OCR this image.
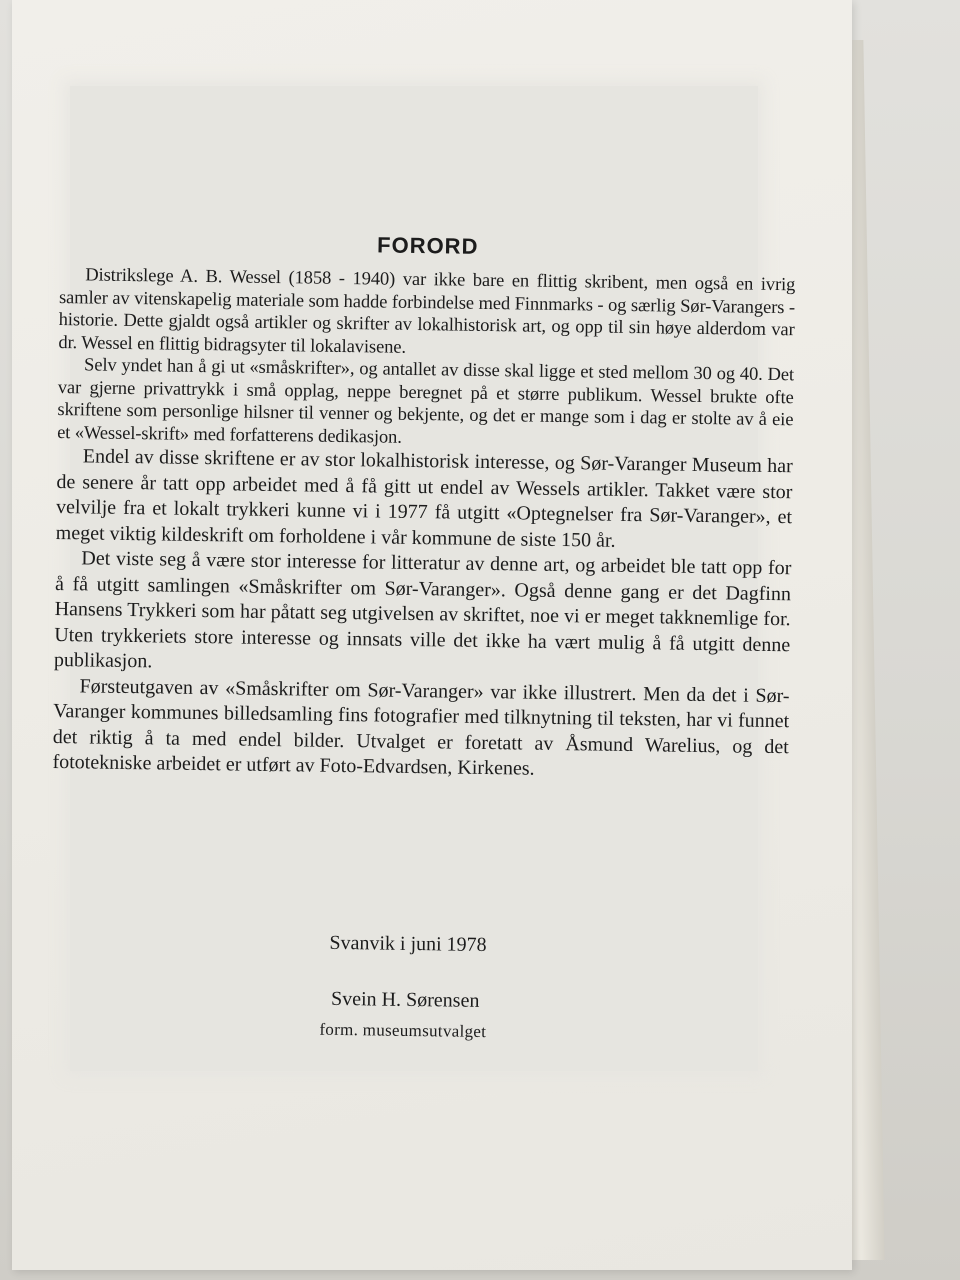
FORORD

Distrikslege A. B. Wessel (1858 - 1940) var ikke bare en flittig skribent, men også en ivrig samler av vitenskapelig materiale som hadde forbindelse med Finnmarks - og særlig Sør-Varangers - historie. Dette gjaldt også artikler og skrifter av lokalhistorisk art, og opp til sin høye alderdom var dr. Wessel en flittig bidragsyter til lokalavisene.

Selv yndet han å gi ut «småskrifter», og antallet av disse skal ligge et sted mellom 30 og 40. Det var gjerne privattrykk i små opplag, neppe beregnet på et større publikum. Wessel brukte ofte skriftene som personlige hilsner til venner og bekjente, og det er mange som i dag er stolte av å eie et «Wessel-skrift» med forfatterens dedikasjon.

Endel av disse skriftene er av stor lokalhistorisk interesse, og Sør-Varanger Museum har de senere år tatt opp arbeidet med å få gitt ut endel av Wessels artikler. Takket være stor velvilje fra et lokalt trykkeri kunne vi i 1977 få utgitt «Optegnelser fra Sør-Varanger», et meget viktig kildeskrift om forholdene i vår kommune de siste 150 år.

Det viste seg å være stor interesse for litteratur av denne art, og arbeidet ble tatt opp for å få utgitt samlingen «Småskrifter om Sør-Varanger». Også denne gang er det Dagfinn Hansens Trykkeri som har påtatt seg utgivelsen av skriftet, noe vi er meget takknemlige for. Uten trykkeriets store interesse og innsats ville det ikke ha vært mulig å få utgitt denne publikasjon.

Førsteutgaven av «Småskrifter om Sør-Varanger» var ikke illustrert. Men da det i Sør-Varanger kommunes billedsamling fins fotografier med tilknytning til teksten, har vi funnet det riktig å ta med endel bilder. Utvalget er foretatt av Åsmund Warelius, og det fototekniske arbeidet er utført av Foto-Edvardsen, Kirkenes.

Svanvik i juni 1978
Svein H. Sørensen
form. museumsutvalget
